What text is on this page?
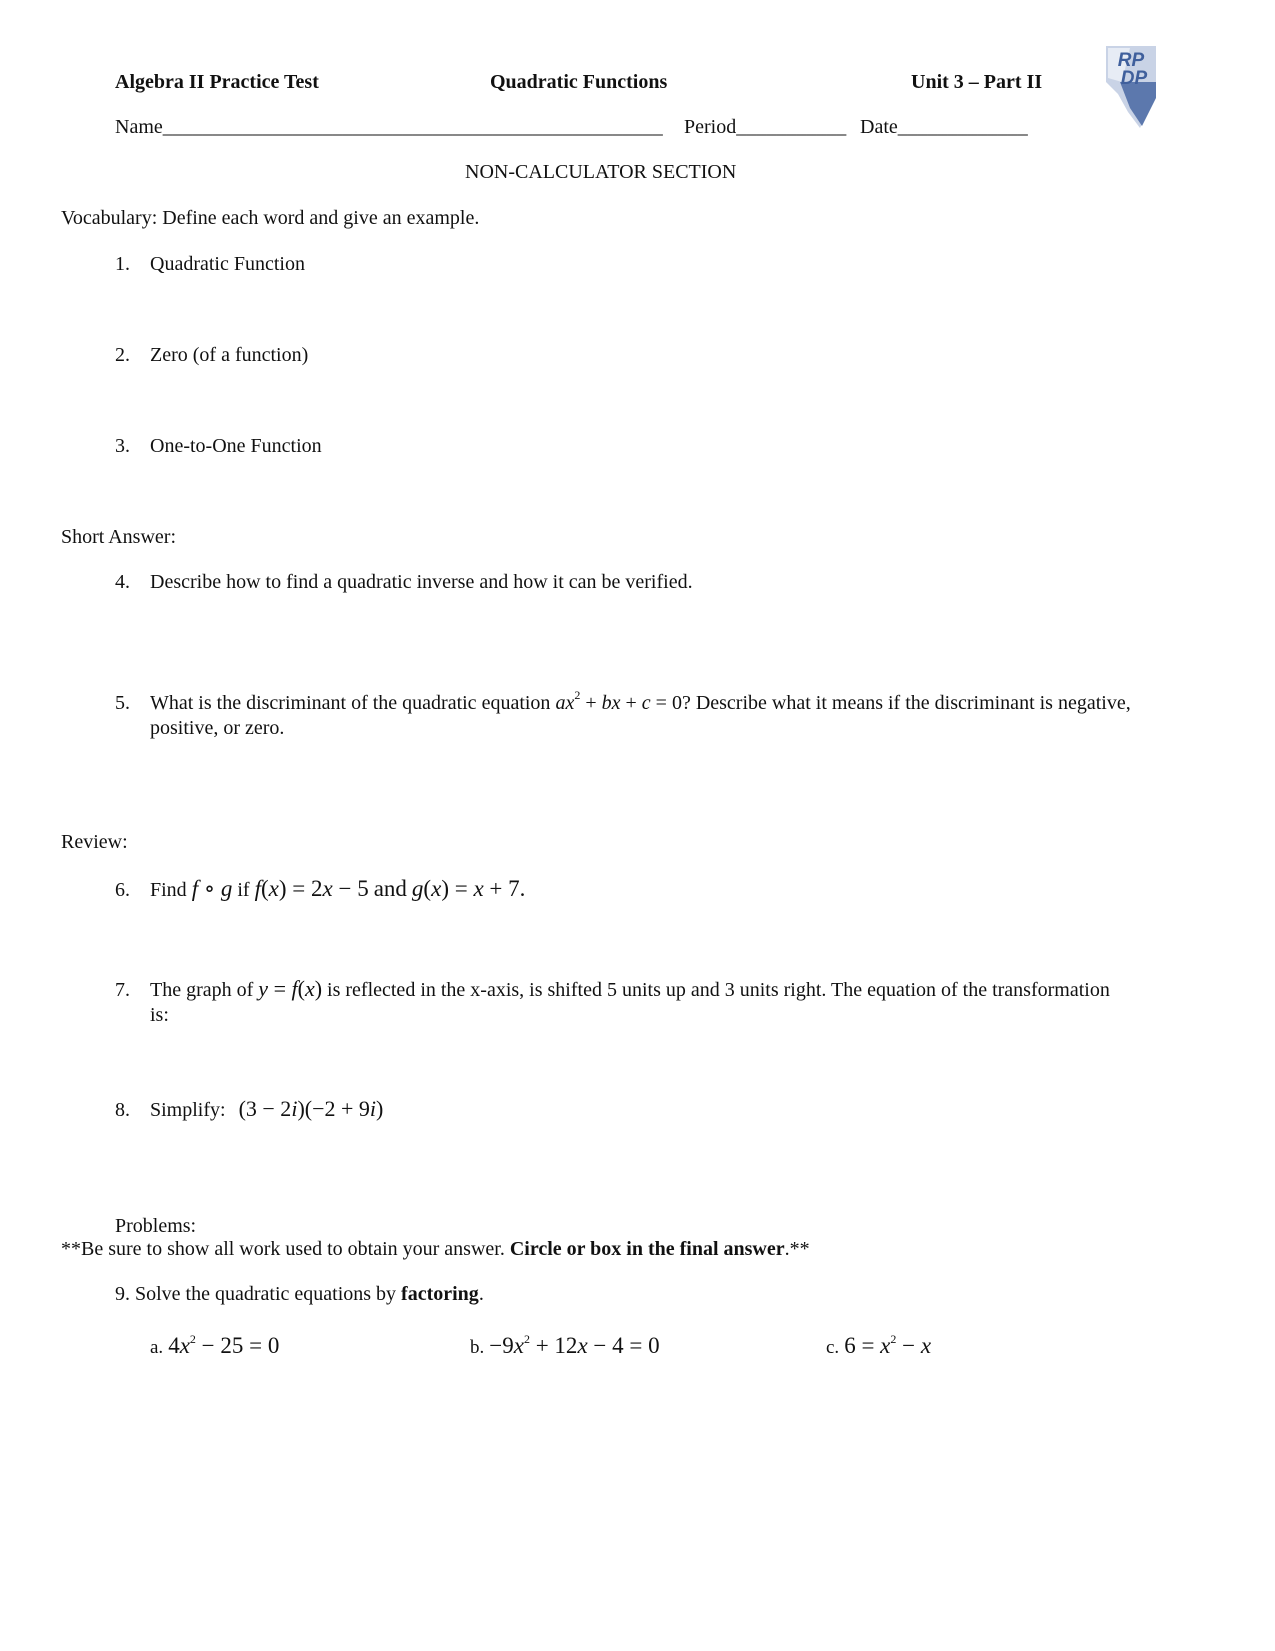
Algebra II Practice Test	Quadratic Functions	Unit 3 – Part II
RP
DP
Name__________________________________________________ Period___________ Date_____________
NON-CALCULATOR SECTION
Vocabulary: Define each word and give an example.
1. Quadratic Function
2. Zero (of a function)
3. One-to-One Function
Short Answer:
4. Describe how to find a quadratic inverse and how it can be verified.
5. What is the discriminant of the quadratic equation $ax^2$ + bx + c = 0? Describe what it means if the discriminant is negative,
positive, or zero.
Review:
6. Find f ∘ g if f(x) = 2x − 5 and g(x) = x + 7.
7. The graph of y = f(x) is reflected in the x-axis, is shifted 5 units up and 3 units right. The equation of the transformation
is:
8. Simplify: (3 − 2i)(−2 + 9i)
Problems:
**Be sure to show all work used to obtain your answer. Circle or box in the final answer.**
9. Solve the quadratic equations by factoring.
a. $4x^2 - 25 = 0$	b. $-9x^2 + 12x - 4 = 0$	c. $6 = x^2 - x$
